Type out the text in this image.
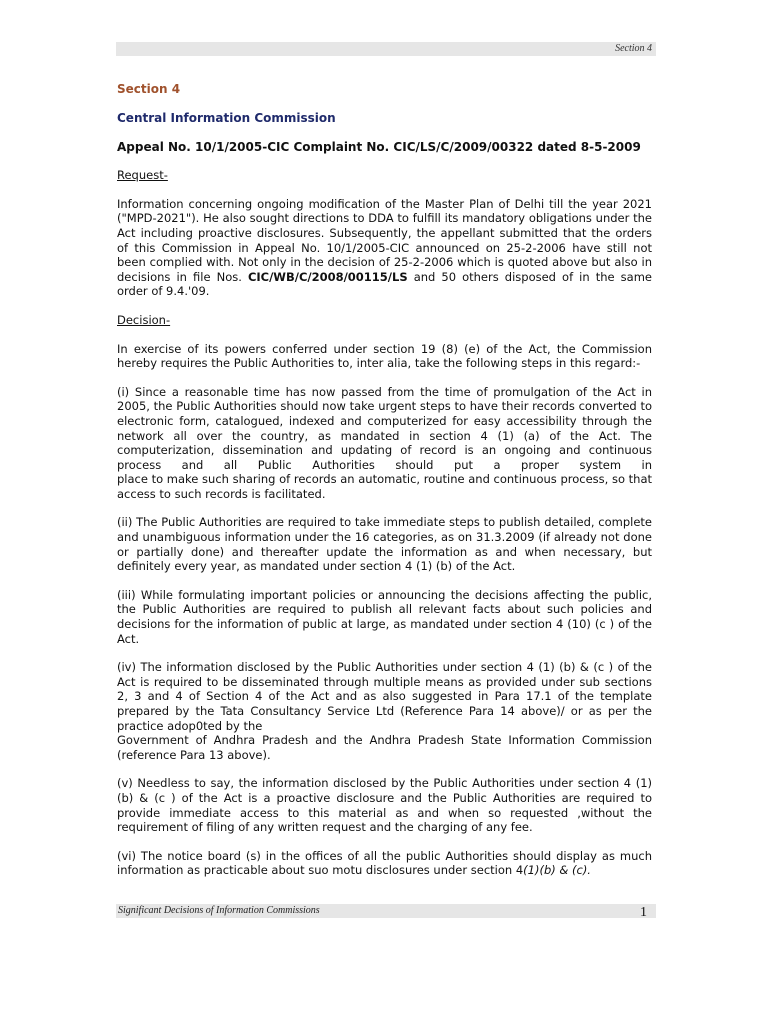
Section 4
Section 4
Central Information Commission
Appeal No. 10/1/2005-CIC Complaint No. CIC/LS/C/2009/00322 dated 8-5-2009
Request-

Information concerning ongoing modification of the Master Plan of Delhi till the year 2021 ("MPD-2021"). He also sought directions to DDA to fulfill its mandatory obligations under the Act including proactive disclosures. Subsequently, the appellant submitted that the orders of this Commission in Appeal No. 10/1/2005-CIC announced on 25-2-2006 have still not been complied with. Not only in the decision of 25-2-2006 which is quoted above but also in decisions in file Nos. CIC/WB/C/2008/00115/LS and 50 others disposed of in the same order of 9.4.'09.

Decision-

In exercise of its powers conferred under section 19 (8) (e) of the Act, the Commission hereby requires the Public Authorities to, inter alia, take the following steps in this regard:-

(i) Since a reasonable time has now passed from the time of promulgation of the Act in 2005, the Public Authorities should now take urgent steps to have their records converted to electronic form, catalogued, indexed and computerized for easy accessibility through the network all over the country, as mandated in section 4 (1) (a) of the Act. The computerization, dissemination and updating of record is an ongoing and continuous process and all Public Authorities should put a proper system in
place to make such sharing of records an automatic, routine and continuous process, so that access to such records is facilitated.

(ii) The Public Authorities are required to take immediate steps to publish detailed, complete and unambiguous information under the 16 categories, as on 31.3.2009 (if already not done or partially done) and thereafter update the information as and when necessary, but definitely every year, as mandated under section 4 (1) (b) of the Act.

(iii) While formulating important policies or announcing the decisions affecting the public, the Public Authorities are required to publish all relevant facts about such policies and decisions for the information of public at large, as mandated under section 4 (10) (c ) of the Act.

(iv) The information disclosed by the Public Authorities under section 4 (1) (b) & (c ) of the Act is required to be disseminated through multiple means as provided under sub sections 2, 3 and 4 of Section 4 of the Act and as also suggested in Para 17.1 of the template prepared by the Tata Consultancy Service Ltd (Reference Para 14 above)/ or as per the practice adop0ted by the
Government of Andhra Pradesh and the Andhra Pradesh State Information Commission (reference Para 13 above).

(v) Needless to say, the information disclosed by the Public Authorities under section 4 (1) (b) & (c ) of the Act is a proactive disclosure and the Public Authorities are required to provide immediate access to this material as and when so requested ,without the requirement of filing of any written request and the charging of any fee.

(vi) The notice board (s) in the offices of all the public Authorities should display as much information as practicable about suo motu disclosures under section 4(1)(b) & (c).

Significant Decisions of Information Commissions	1
